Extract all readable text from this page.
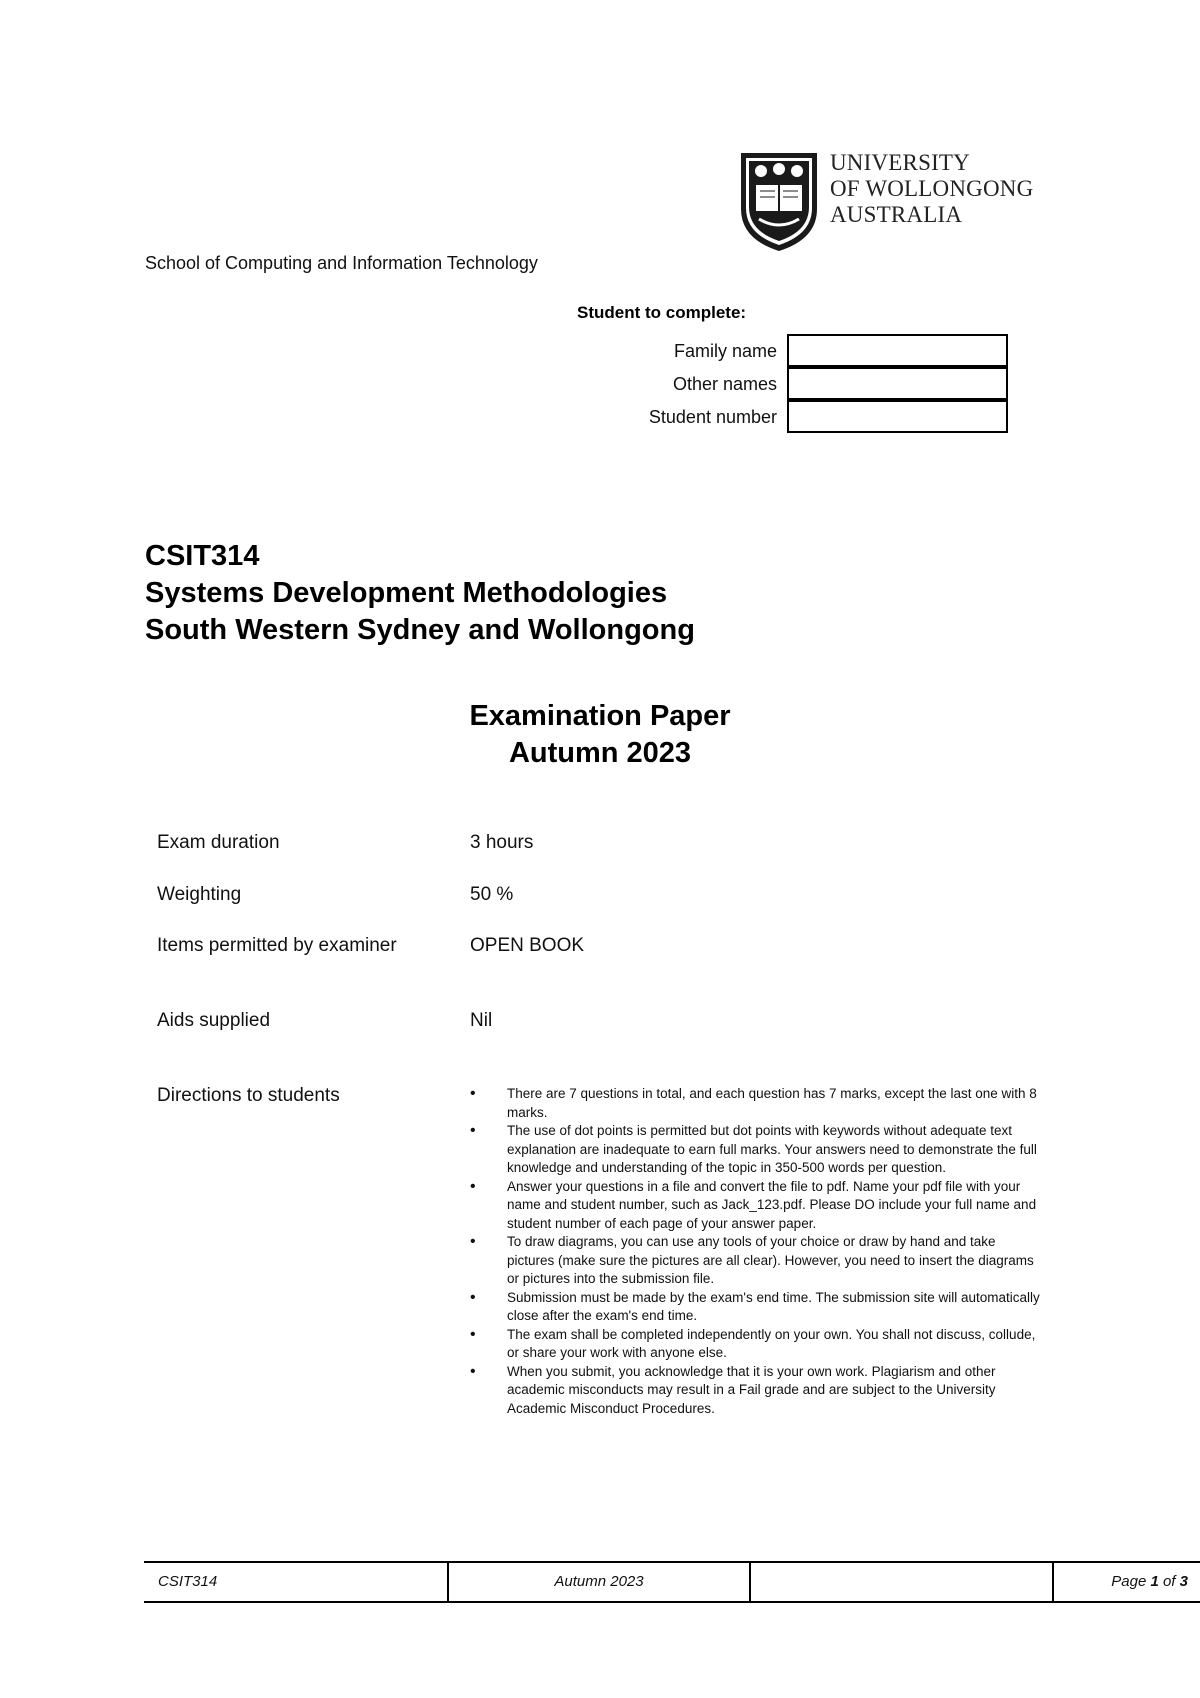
UNIVERSITY
OF WOLLONGONG
AUSTRALIA
School of Computing and Information Technology
Student to complete:
Family name
Other names
Student number
CSIT314
Systems Development Methodologies
South Western Sydney and Wollongong
Examination Paper
Autumn 2023
Exam duration	3 hours
Weighting	50 %
Items permitted by examiner	OPEN BOOK
Aids supplied	Nil
Directions to students
•	There are 7 questions in total, and each question has 7 marks, except the last one with 8 marks.
• The use of dot points is permitted but dot points with keywords without adequate text explanation are inadequate to earn full marks. Your answers need to demonstrate the full knowledge and understanding of the topic in 350-500 words per question.
• Answer your questions in a file and convert the file to pdf. Name your pdf file with your name and student number, such as Jack_123.pdf. Please DO include your full name and student number of each page of your answer paper.
• To draw diagrams, you can use any tools of your choice or draw by hand and take pictures (make sure the pictures are all clear). However, you need to insert the diagrams or pictures into the submission file.
• Submission must be made by the exam's end time. The submission site will automatically close after the exam's end time.
• The exam shall be completed independently on your own. You shall not discuss, collude, or share your work with anyone else.
• When you submit, you acknowledge that it is your own work. Plagiarism and other academic misconducts may result in a Fail grade and are subject to the University Academic Misconduct Procedures.
CSIT314	Autumn 2023	Page 1 of 3
